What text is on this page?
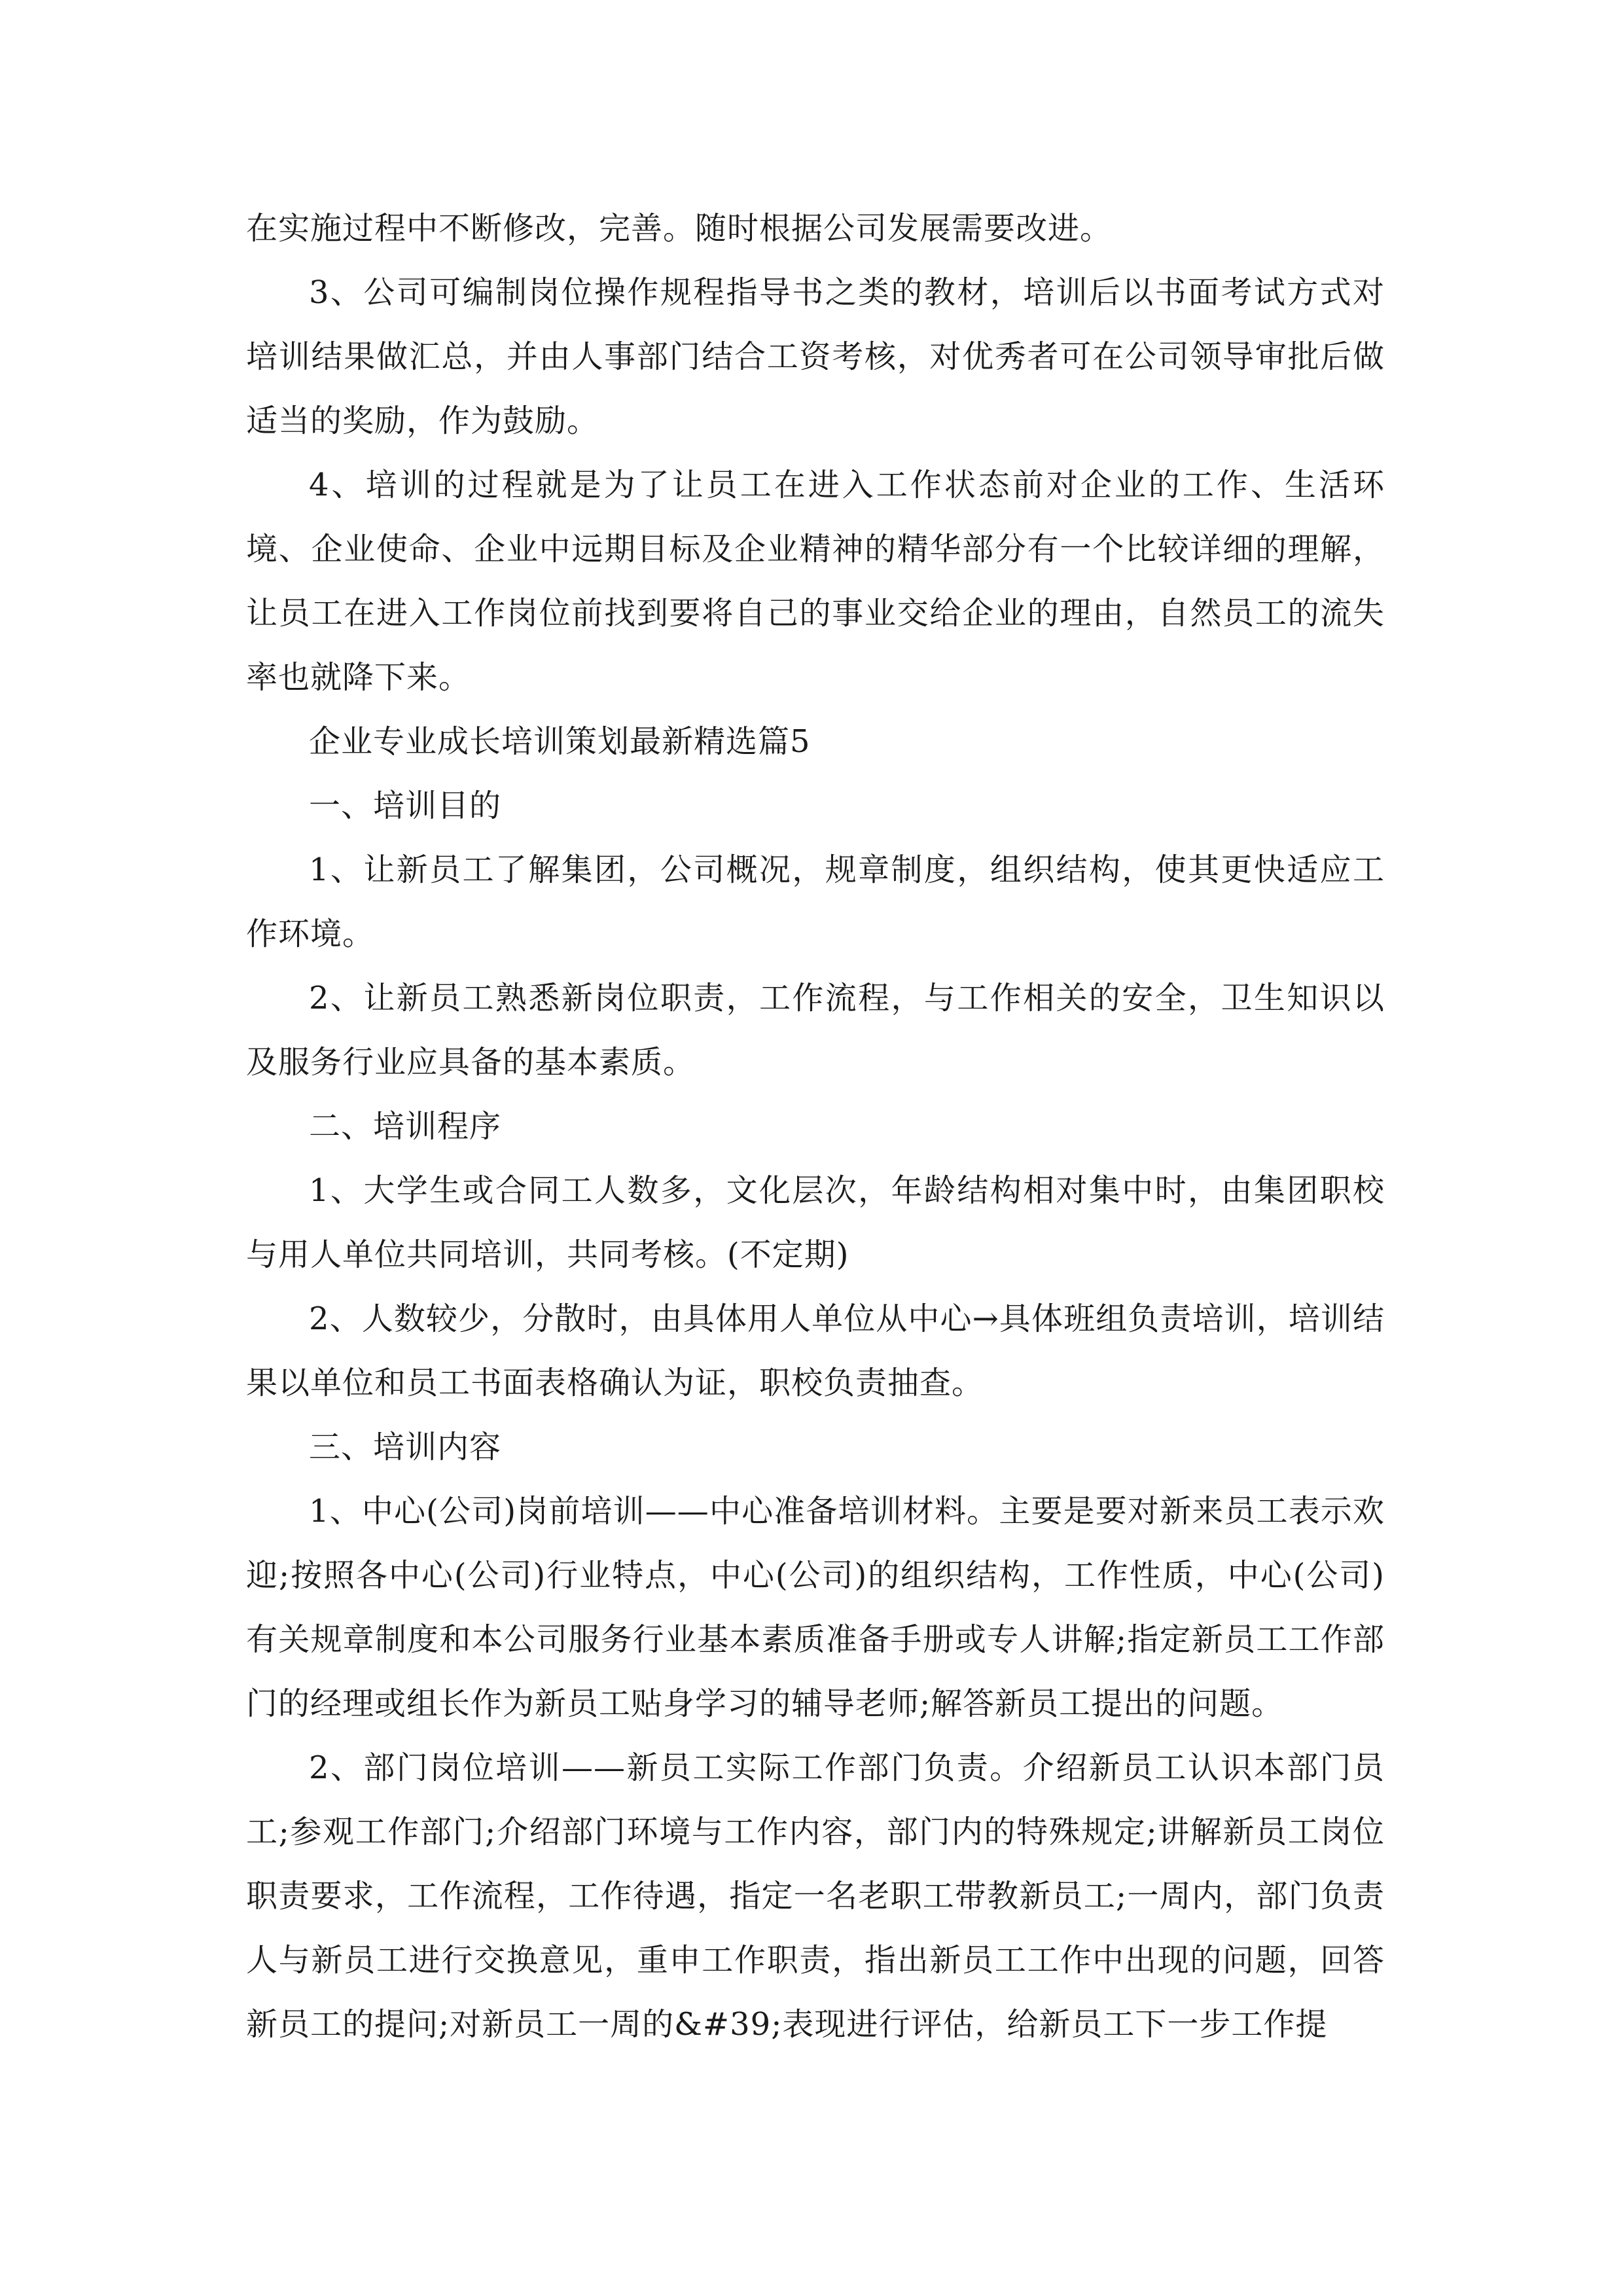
在实施过程中不断修改，完善。随时根据公司发展需要改进。

3、公司可编制岗位操作规程指导书之类的教材，培训后以书面考试方式对培训结果做汇总，并由人事部门结合工资考核，对优秀者可在公司领导审批后做适当的奖励，作为鼓励。

4、培训的过程就是为了让员工在进入工作状态前对企业的工作、生活环境、企业使命、企业中远期目标及企业精神的精华部分有一个比较详细的理解，让员工在进入工作岗位前找到要将自己的事业交给企业的理由，自然员工的流失率也就降下来。

企业专业成长培训策划最新精选篇5

一、培训目的

1、让新员工了解集团，公司概况，规章制度，组织结构，使其更快适应工作环境。

2、让新员工熟悉新岗位职责，工作流程，与工作相关的安全，卫生知识以及服务行业应具备的基本素质。

二、培训程序

1、大学生或合同工人数多，文化层次，年龄结构相对集中时，由集团职校与用人单位共同培训，共同考核。(不定期)

2、人数较少，分散时，由具体用人单位从中心→具体班组负责培训，培训结果以单位和员工书面表格确认为证，职校负责抽查。

三、培训内容

1、中心(公司)岗前培训——中心准备培训材料。主要是要对新来员工表示欢迎;按照各中心(公司)行业特点，中心(公司)的组织结构，工作性质，中心(公司)有关规章制度和本公司服务行业基本素质准备手册或专人讲解;指定新员工工作部门的经理或组长作为新员工贴身学习的辅导老师;解答新员工提出的问题。

2、部门岗位培训——新员工实际工作部门负责。介绍新员工认识本部门员工;参观工作部门;介绍部门环境与工作内容，部门内的特殊规定;讲解新员工岗位职责要求，工作流程，工作待遇，指定一名老职工带教新员工;一周内，部门负责人与新员工进行交换意见，重申工作职责，指出新员工工作中出现的问题，回答新员工的提问;对新员工一周的&#39;表现进行评估，给新员工下一步工作提
